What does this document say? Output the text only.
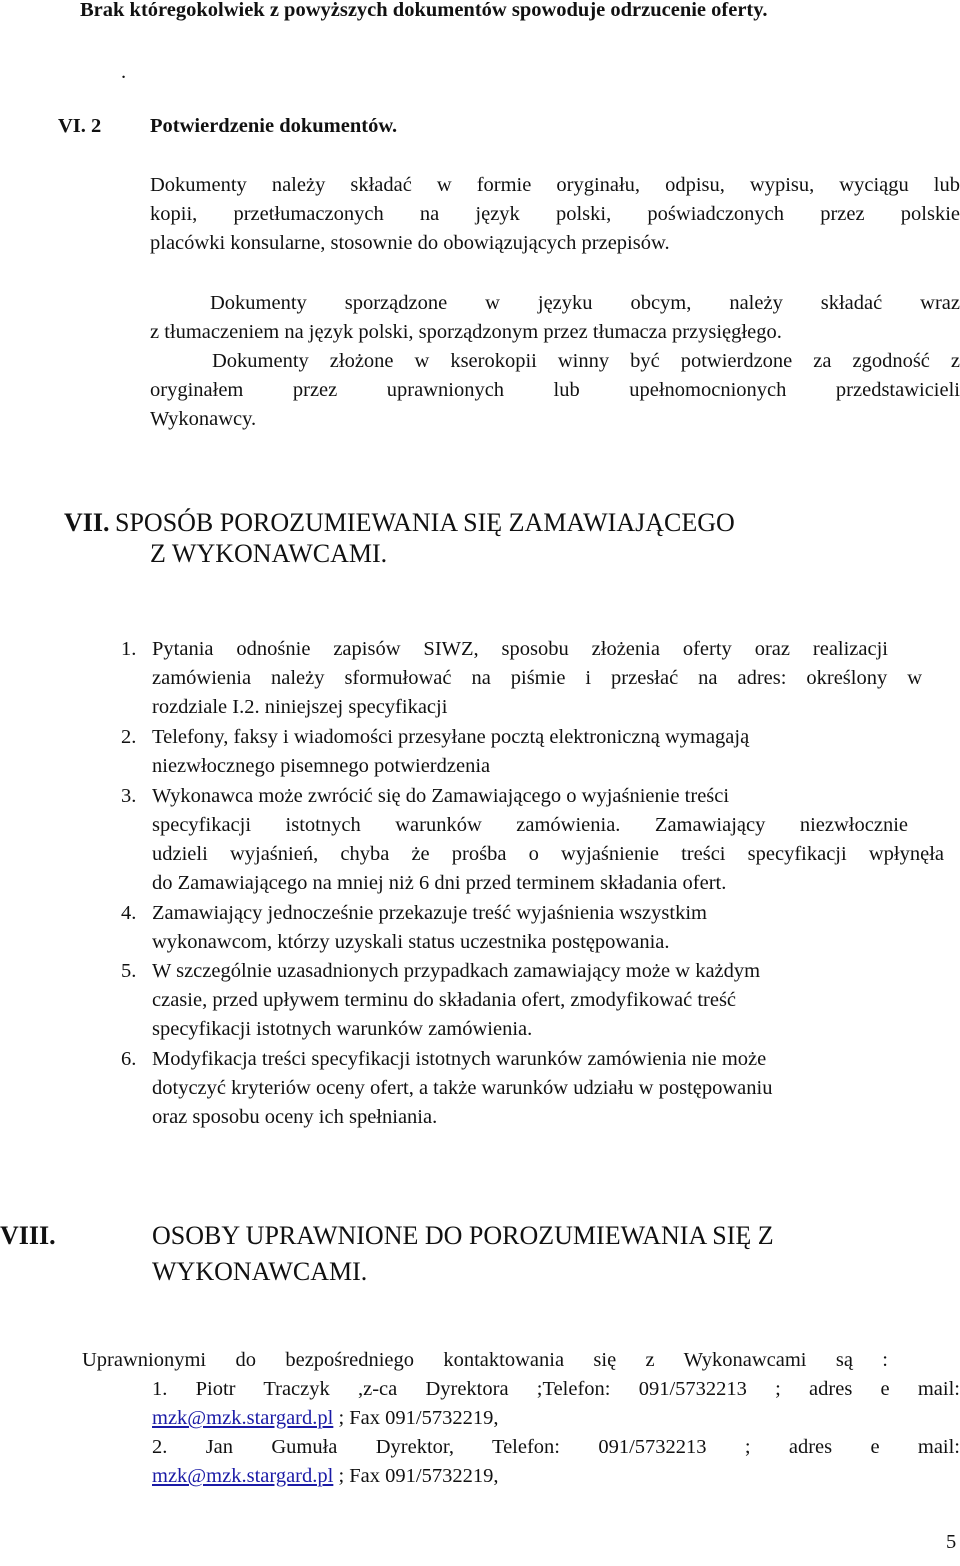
Brak któregokolwiek z powyższych dokumentów spowoduje odrzucenie oferty.
.
VI. 2 Potwierdzenie dokumentów.
Dokumenty należy składać w formie oryginału, odpisu, wypisu, wyciągu lub
kopii, przetłumaczonych na język polski, poświadczonych przez polskie
placówki konsularne, stosownie do obowiązujących przepisów.
Dokumenty sporządzone w języku obcym, należy składać wraz
z tłumaczeniem na język polski, sporządzonym przez tłumacza przysięgłego.
Dokumenty złożone w kserokopii winny być potwierdzone za zgodność z
oryginałem przez uprawnionych lub upełnomocnionych przedstawicieli
Wykonawcy.
VII. SPOSÓB POROZUMIEWANIA SIĘ ZAMAWIAJĄCEGO
Z WYKONAWCAMI.
1. Pytania odnośnie zapisów SIWZ, sposobu złożenia oferty oraz realizacji
zamówienia należy sformułować na piśmie i przesłać na adres: określony w
rozdziale I.2. niniejszej specyfikacji
2. Telefony, faksy i wiadomości przesyłane pocztą elektroniczną wymagają
niezwłocznego pisemnego potwierdzenia
3. Wykonawca może zwrócić się do Zamawiającego o wyjaśnienie treści
specyfikacji istotnych warunków zamówienia. Zamawiający niezwłocznie
udzieli wyjaśnień, chyba że prośba o wyjaśnienie treści specyfikacji wpłynęła
do Zamawiającego na mniej niż 6 dni przed terminem składania ofert.
4. Zamawiający jednocześnie przekazuje treść wyjaśnienia wszystkim
wykonawcom, którzy uzyskali status uczestnika postępowania.
5. W szczególnie uzasadnionych przypadkach zamawiający może w każdym
czasie, przed upływem terminu do składania ofert, zmodyfikować treść
specyfikacji istotnych warunków zamówienia.
6. Modyfikacja treści specyfikacji istotnych warunków zamówienia nie może
dotyczyć kryteriów oceny ofert, a także warunków udziału w postępowaniu
oraz sposobu oceny ich spełniania.
VIII.	OSOBY UPRAWNIONE DO POROZUMIEWANIA SIĘ Z
WYKONAWCAMI.
Uprawnionymi do bezpośredniego kontaktowania się z Wykonawcami są :
1. Piotr Traczyk ,z-ca Dyrektora ;Telefon: 091/5732213 ; adres e mail:
mzk@mzk.stargard.pl ; Fax 091/5732219,
2. Jan Gumuła Dyrektor, Telefon: 091/5732213 ; adres e mail:
mzk@mzk.stargard.pl ; Fax 091/5732219,
5
